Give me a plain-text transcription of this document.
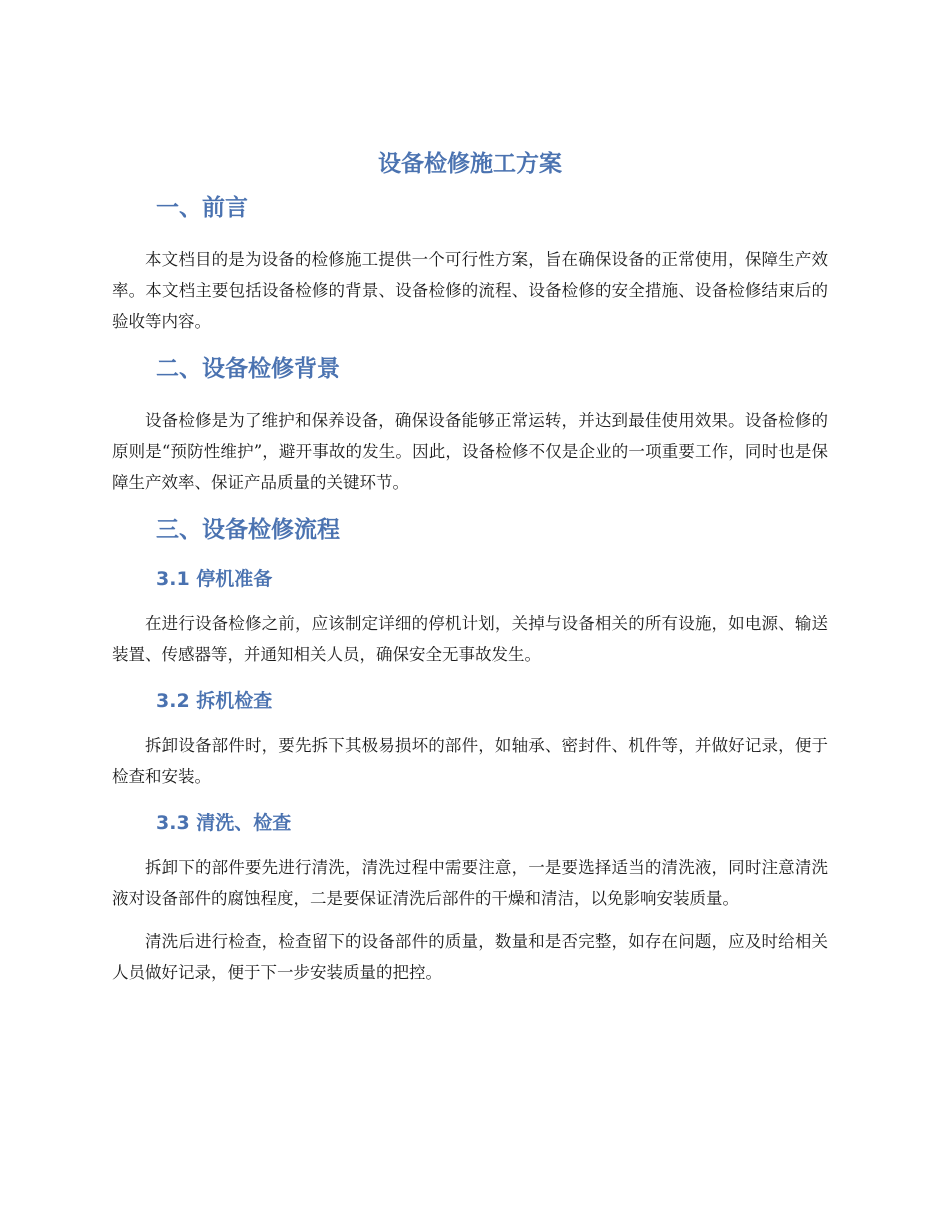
设备检修施工方案
一、前言

本文档目的是为设备的检修施工提供一个可行性方案，旨在确保设备的正常使用，保障生产效率。本文档主要包括设备检修的背景、设备检修的流程、设备检修的安全措施、设备检修结束后的验收等内容。

二、设备检修背景

设备检修是为了维护和保养设备，确保设备能够正常运转，并达到最佳使用效果。设备检修的原则是“预防性维护”，避开事故的发生。因此，设备检修不仅是企业的一项重要工作，同时也是保障生产效率、保证产品质量的关键环节。

三、设备检修流程
3.1 停机准备

在进行设备检修之前，应该制定详细的停机计划，关掉与设备相关的所有设施，如电源、输送装置、传感器等，并通知相关人员，确保安全无事故发生。

3.2 拆机检查

拆卸设备部件时，要先拆下其极易损坏的部件，如轴承、密封件、机件等，并做好记录，便于检查和安装。

3.3 清洗、检查

拆卸下的部件要先进行清洗，清洗过程中需要注意，一是要选择适当的清洗液，同时注意清洗液对设备部件的腐蚀程度，二是要保证清洗后部件的干燥和清洁，以免影响安装质量。

清洗后进行检查，检查留下的设备部件的质量，数量和是否完整，如存在问题，应及时给相关人员做好记录，便于下一步安装质量的把控。
